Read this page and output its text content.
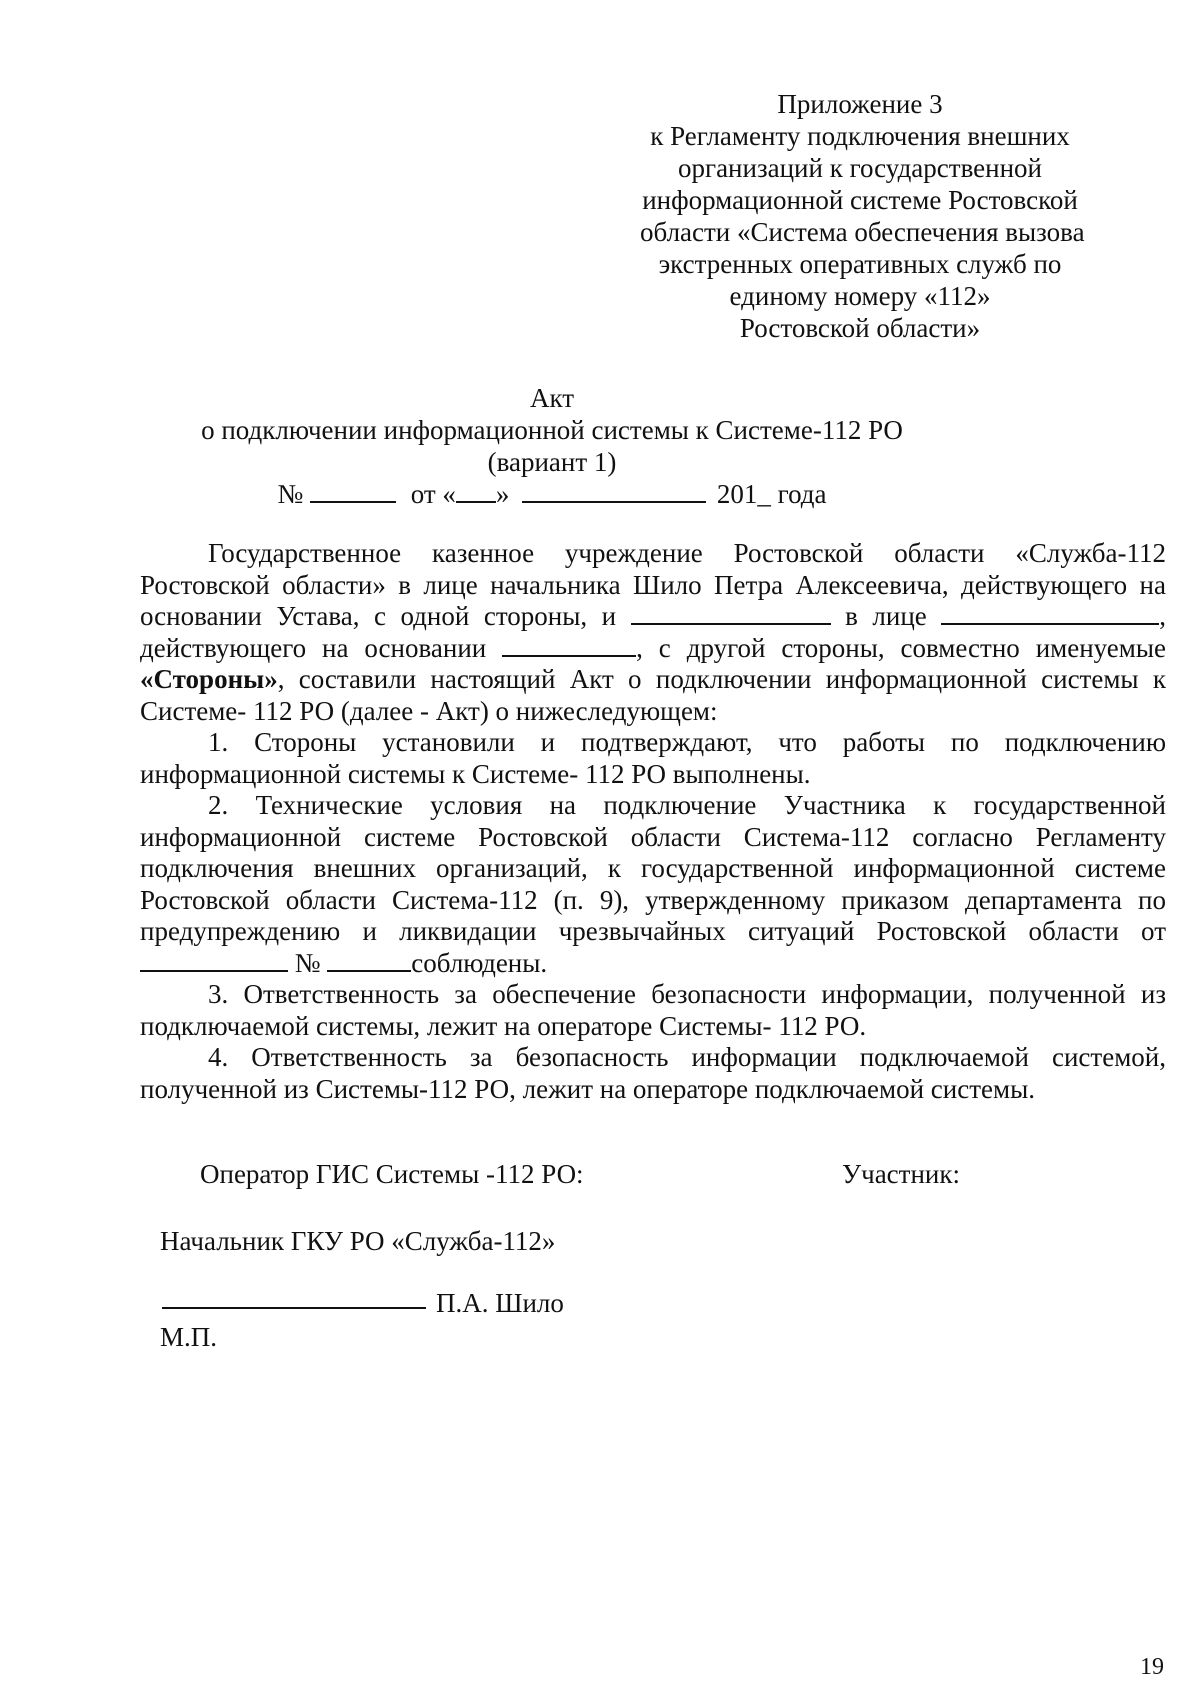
Приложение 3
к Регламенту подключения внешних
организаций к государственной
информационной системе Ростовской
области «Система обеспечения вызова
экстренных оперативных служб по
единому номеру «112»
Ростовской области»
Акт
о подключении информационной системы к Системе-112 РО
(вариант 1)
№	от « »	201_ года

Государственное казенное учреждение Ростовской области «Служба-112 Ростовской области» в лице начальника Шило Петра Алексеевича, действующего на основании Устава, с одной стороны, и	в лице	, действующего на основании	, с другой стороны, совместно именуемые «Стороны», составили настоящий Акт о подключении информационной системы к Системе- 112 РО (далее - Акт) о нижеследующем:

1. Стороны установили и подтверждают, что работы по подключению информационной системы к Системе- 112 РО выполнены.

2. Технические условия на подключение Участника к государственной информационной системе Ростовской области Система-112 согласно Регламенту подключения внешних организаций, к государственной информационной системе Ростовской области Система-112 (п. 9), утвержденному приказом департамента по предупреждению и ликвидации чрезвычайных ситуаций Ростовской области от  №	соблюдены.

3. Ответственность за обеспечение безопасности информации, полученной из подключаемой системы, лежит на операторе Системы- 112 РО.

4. Ответственность за безопасность информации подключаемой системой, полученной из Системы-112 РО, лежит на операторе подключаемой системы.

Оператор ГИС Системы -112 РО:	Участник:
Начальник ГКУ РО «Служба-112»
П.А. Шило
М.П.
19
